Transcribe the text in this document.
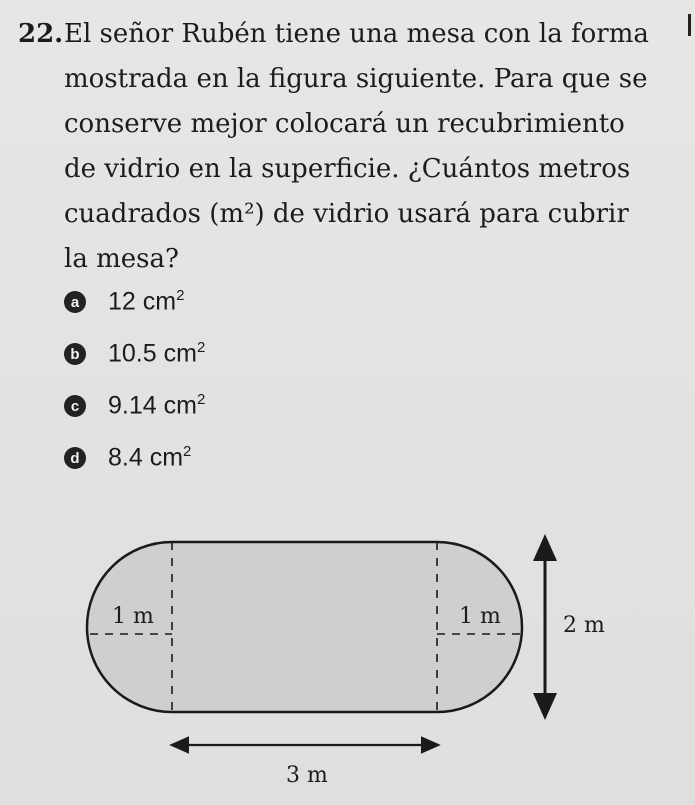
22.El señor Rubén tiene una mesa con la forma
mostrada en la figura siguiente. Para que se
conserve mejor colocará un recubrimiento
de vidrio en la superficie. ¿Cuántos metros
cuadrados (m²) de vidrio usará para cubrir
la mesa?
a 12 $cm^2$
b 10.5 $cm^2$
c 9.14 $cm^2$
d 8.4 $cm^2$
1 m	1 m	2 m
3 m
